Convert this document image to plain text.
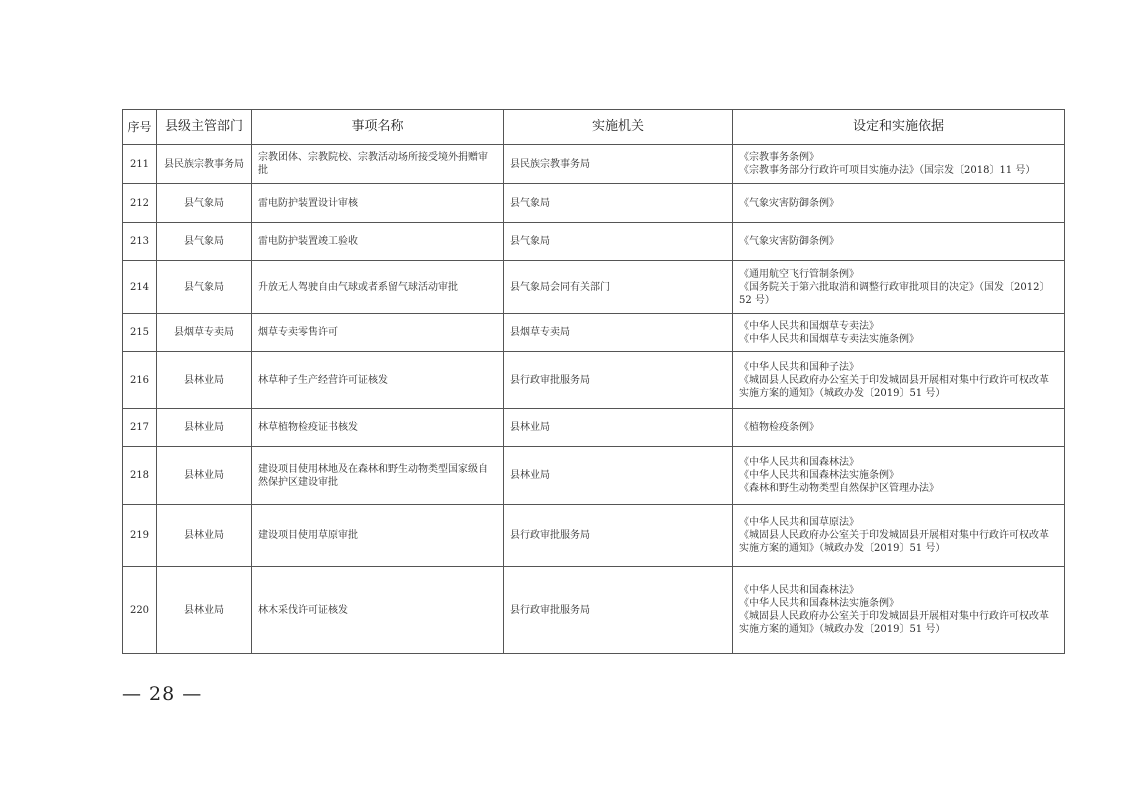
序号	县级主管部门	事项名称	实施机关	设定和实施依据
211	县民族宗教事务局	宗教团体、宗教院校、宗教活动场所接受境外捐赠审批	县民族宗教事务局	《宗教事务条例》
《宗教事务部分行政许可项目实施办法》（国宗发〔2018〕11 号）

212	县气象局	雷电防护装置设计审核	县气象局	《气象灾害防御条例》

213	县气象局	雷电防护装置竣工验收	县气象局	《气象灾害防御条例》

214	县气象局	升放无人驾驶自由气球或者系留气球活动审批	县气象局会同有关部门	《通用航空飞行管制条例》
《国务院关于第六批取消和调整行政审批项目的决定》（国发〔2012〕52 号）

215	县烟草专卖局	烟草专卖零售许可	县烟草专卖局	《中华人民共和国烟草专卖法》
《中华人民共和国烟草专卖法实施条例》

216	县林业局	林草种子生产经营许可证核发	县行政审批服务局	《中华人民共和国种子法》
《城固县人民政府办公室关于印发城固县开展相对集中行政许可权改革实施方案的通知》（城政办发〔2019〕51 号）

217	县林业局	林草植物检疫证书核发	县林业局	《植物检疫条例》

218	县林业局	建设项目使用林地及在森林和野生动物类型国家级自然保护区建设审批	县林业局	《中华人民共和国森林法》
《中华人民共和国森林法实施条例》
《森林和野生动物类型自然保护区管理办法》

219	县林业局	建设项目使用草原审批	县行政审批服务局	《中华人民共和国草原法》
《城固县人民政府办公室关于印发城固县开展相对集中行政许可权改革实施方案的通知》（城政办发〔2019〕51 号）

220	县林业局	林木采伐许可证核发	县行政审批服务局	《中华人民共和国森林法》
《中华人民共和国森林法实施条例》
《城固县人民政府办公室关于印发城固县开展相对集中行政许可权改革实施方案的通知》（城政办发〔2019〕51 号）
— 28 —
